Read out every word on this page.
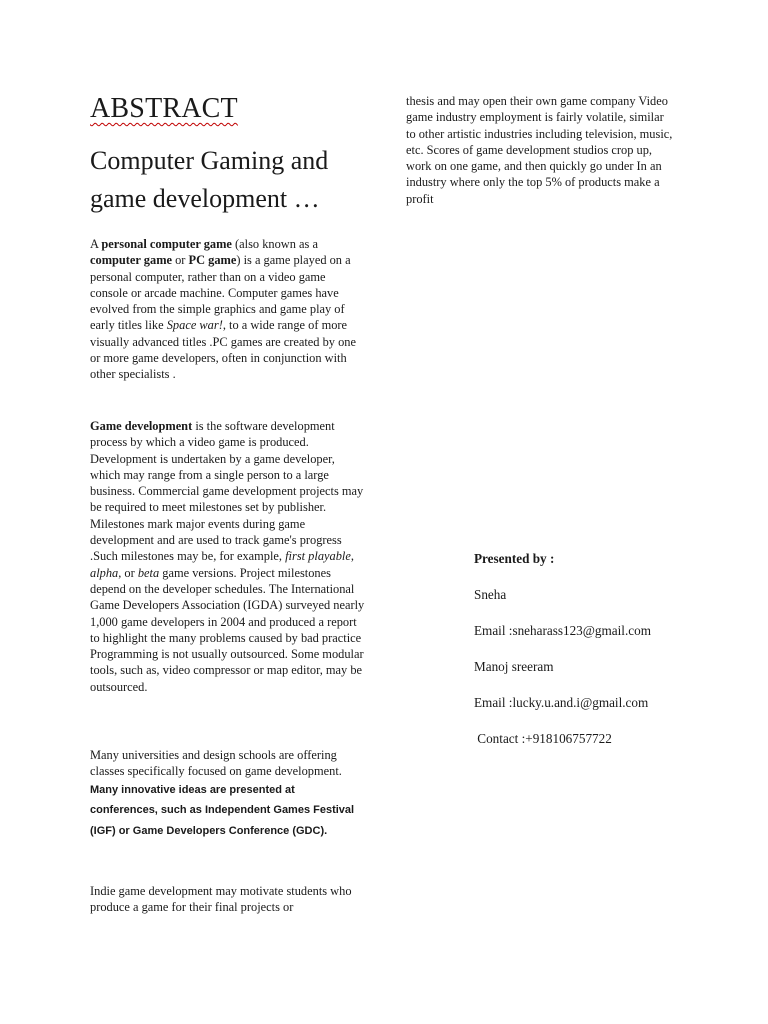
ABSTRACT
Computer Gaming and game development …

A personal computer game (also known as a computer game or PC game) is a game played on a personal computer, rather than on a video game console or arcade machine. Computer games have evolved from the simple graphics and game play of early titles like Space war!, to a wide range of more visually advanced titles .PC games are created by one or more game developers, often in conjunction with other specialists .

Game development is the software development process by which a video game is produced. Development is undertaken by a game developer, which may range from a single person to a large business. Commercial game development projects may be required to meet milestones set by publisher. Milestones mark major events during game development and are used to track game's progress .Such milestones may be, for example, first playable, alpha, or beta game versions. Project milestones depend on the developer schedules. The International Game Developers Association (IGDA) surveyed nearly 1,000 game developers in 2004 and produced a report to highlight the many problems caused by bad practice Programming is not usually outsourced. Some modular tools, such as, video compressor or map editor, may be outsourced.

Many universities and design schools are offering classes specifically focused on game development. Many innovative ideas are presented at conferences, such as Independent Games Festival (IGF) or Game Developers Conference (GDC).

Indie game development may motivate students who produce a game for their final projects or

thesis and may open their own game company Video game industry employment is fairly volatile, similar to other artistic industries including television, music, etc. Scores of game development studios crop up, work on one game, and then quickly go under In an industry where only the top 5% of products make a profit

Presented by :
Sneha
Email :sneharass123@gmail.com
Manoj sreeram
Email :lucky.u.and.i@gmail.com
Contact :+918106757722
